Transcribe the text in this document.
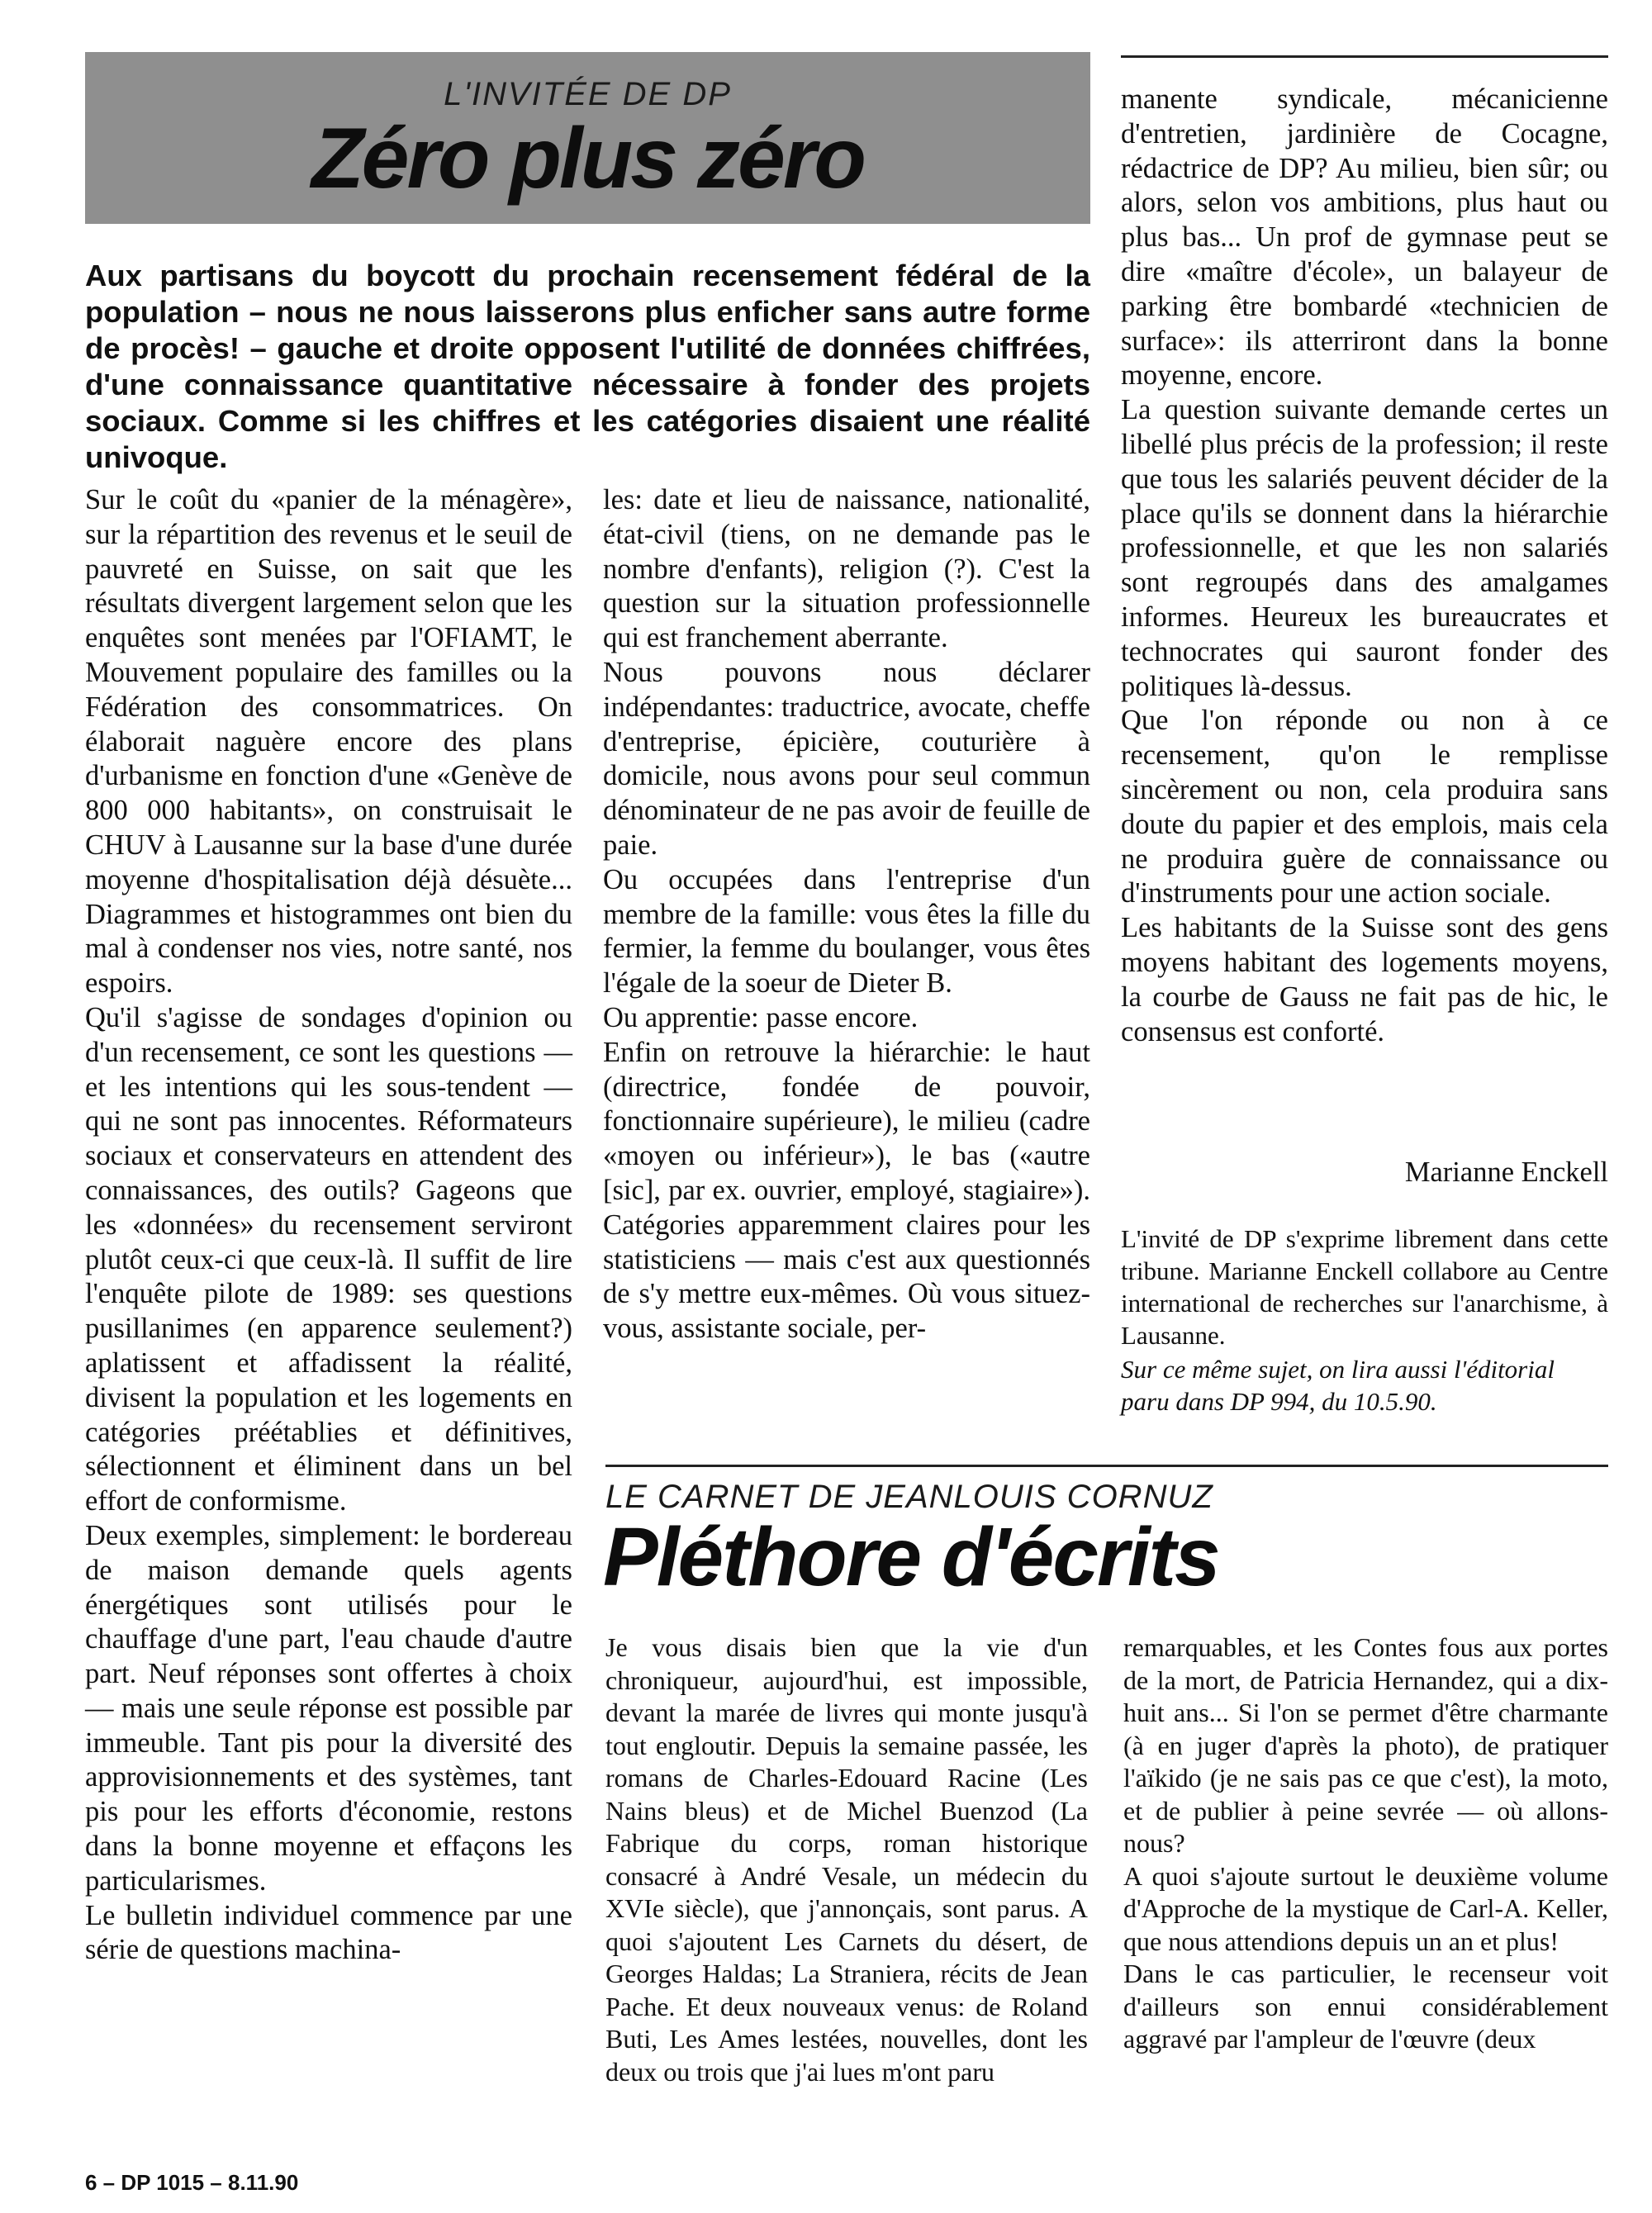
L'INVITÉE DE DP
Zéro plus zéro

Aux partisans du boycott du prochain recensement fédéral de la population – nous ne nous laisserons plus enficher sans autre forme de procès! – gauche et droite opposent l'utilité de données chiffrées, d'une connaissance quantitative nécessaire à fonder des projets sociaux. Comme si les chiffres et les catégories disaient une réalité univoque.

Sur le coût du «panier de la ménagère», sur la répartition des revenus et le seuil de pauvreté en Suisse, on sait que les résultats divergent largement selon que les enquêtes sont menées par l'OFIAMT, le Mouvement populaire des familles ou la Fédération des consommatrices. On élaborait naguère encore des plans d'urbanisme en fonction d'une «Genève de 800 000 habitants», on construisait le CHUV à Lausanne sur la base d'une durée moyenne d'hospitalisation déjà désuète... Diagrammes et histogrammes ont bien du mal à condenser nos vies, notre santé, nos espoirs.

Qu'il s'agisse de sondages d'opinion ou d'un recensement, ce sont les questions — et les intentions qui les sous-tendent — qui ne sont pas innocentes. Réformateurs sociaux et conservateurs en attendent des connaissances, des outils? Gageons que les «données» du recensement serviront plutôt ceux-ci que ceux-là. Il suffit de lire l'enquête pilote de 1989: ses questions pusillanimes (en apparence seulement?) aplatissent et affadissent la réalité, divisent la population et les logements en catégories préétablies et définitives, sélectionnent et éliminent dans un bel effort de conformisme.

Deux exemples, simplement: le bordereau de maison demande quels agents énergétiques sont utilisés pour le chauffage d'une part, l'eau chaude d'autre part. Neuf réponses sont offertes à choix — mais une seule réponse est possible par immeuble. Tant pis pour la diversité des approvisionnements et des systèmes, tant pis pour les efforts d'économie, restons dans la bonne moyenne et effaçons les particularismes.

Le bulletin individuel commence par une série de questions machina-

les: date et lieu de naissance, nationalité, état-civil (tiens, on ne demande pas le nombre d'enfants), religion (?). C'est la question sur la situation professionnelle qui est franchement aberrante.

Nous pouvons nous déclarer indépendantes: traductrice, avocate, cheffe d'entreprise, épicière, couturière à domicile, nous avons pour seul commun dénominateur de ne pas avoir de feuille de paie.

Ou occupées dans l'entreprise d'un membre de la famille: vous êtes la fille du fermier, la femme du boulanger, vous êtes l'égale de la soeur de Dieter B.

Ou apprentie: passe encore.

Enfin on retrouve la hiérarchie: le haut (directrice, fondée de pouvoir, fonctionnaire supérieure), le milieu (cadre «moyen ou inférieur»), le bas («autre [sic], par ex. ouvrier, employé, stagiaire»). Catégories apparemment claires pour les statisticiens — mais c'est aux questionnés de s'y mettre eux-mêmes. Où vous situez-vous, assistante sociale, per-

manente syndicale, mécanicienne d'entretien, jardinière de Cocagne, rédactrice de DP? Au milieu, bien sûr; ou alors, selon vos ambitions, plus haut ou plus bas... Un prof de gymnase peut se dire «maître d'école», un balayeur de parking être bombardé «technicien de surface»: ils atterriront dans la bonne moyenne, encore.

La question suivante demande certes un libellé plus précis de la profession; il reste que tous les salariés peuvent décider de la place qu'ils se donnent dans la hiérarchie professionnelle, et que les non salariés sont regroupés dans des amalgames informes. Heureux les bureaucrates et technocrates qui sauront fonder des politiques là-dessus.

Que l'on réponde ou non à ce recensement, qu'on le remplisse sincèrement ou non, cela produira sans doute du papier et des emplois, mais cela ne produira guère de connaissance ou d'instruments pour une action sociale.

Les habitants de la Suisse sont des gens moyens habitant des logements moyens, la courbe de Gauss ne fait pas de hic, le consensus est conforté.

Marianne Enckell

L'invité de DP s'exprime librement dans cette tribune. Marianne Enckell collabore au Centre international de recherches sur l'anarchisme, à Lausanne.

Sur ce même sujet, on lira aussi l'éditorial paru dans DP 994, du 10.5.90.

LE CARNET DE JEANLOUIS CORNUZ
Pléthore d'écrits

Je vous disais bien que la vie d'un chroniqueur, aujourd'hui, est impossible, devant la marée de livres qui monte jusqu'à tout engloutir. Depuis la semaine passée, les romans de Charles-Edouard Racine (Les Nains bleus) et de Michel Buenzod (La Fabrique du corps, roman historique consacré à André Vesale, un médecin du XVIe siècle), que j'annonçais, sont parus. A quoi s'ajoutent Les Carnets du désert, de Georges Haldas; La Straniera, récits de Jean Pache. Et deux nouveaux venus: de Roland Buti, Les Ames lestées, nouvelles, dont les deux ou trois que j'ai lues m'ont paru

remarquables, et les Contes fous aux portes de la mort, de Patricia Hernandez, qui a dix-huit ans... Si l'on se permet d'être charmante (à en juger d'après la photo), de pratiquer l'aïkido (je ne sais pas ce que c'est), la moto, et de publier à peine sevrée — où allons-nous?

A quoi s'ajoute surtout le deuxième volume d'Approche de la mystique de Carl-A. Keller, que nous attendions depuis un an et plus!

Dans le cas particulier, le recenseur voit d'ailleurs son ennui considérablement aggravé par l'ampleur de l'œuvre (deux

6 – DP 1015 – 8.11.90
